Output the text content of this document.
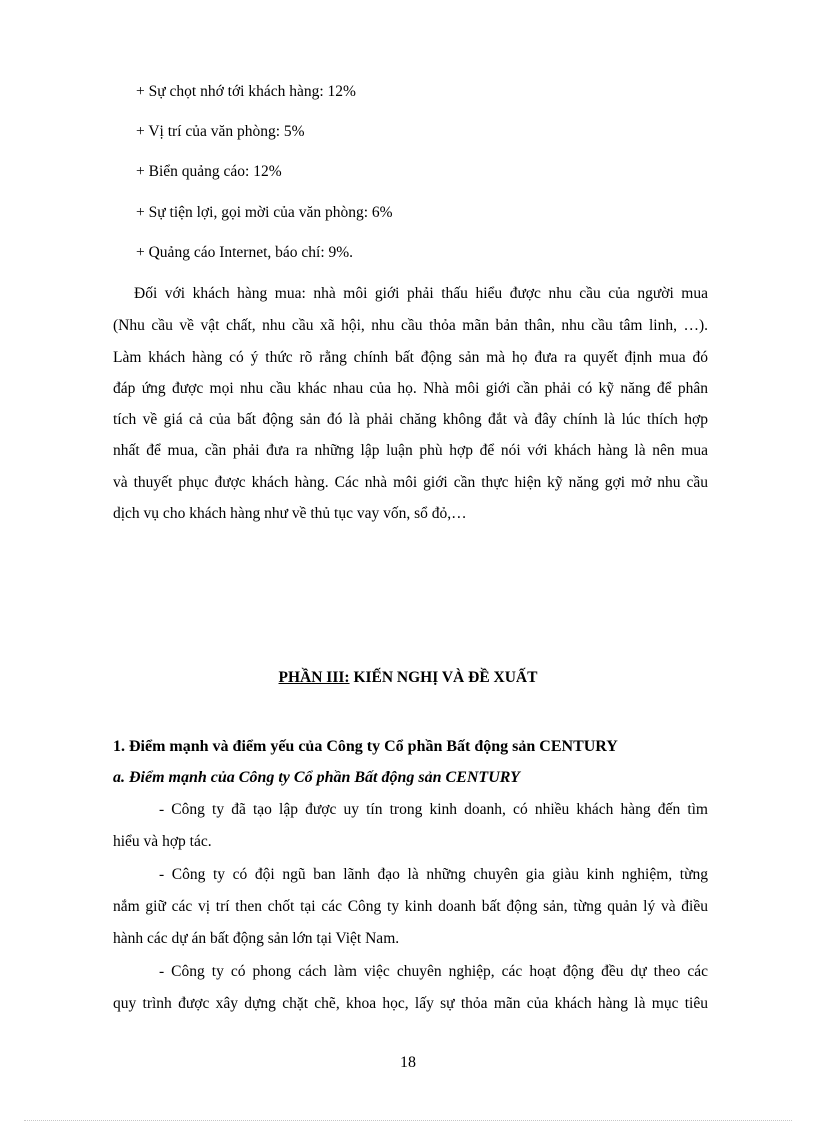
+ Sự chọt nhớ tới khách hàng: 12%

+ Vị trí của văn phòng: 5%

+ Biển quảng cáo: 12%

+ Sự tiện lợi, gọi mời của văn phòng: 6%

+ Quảng cáo Internet, báo chí: 9%.

Đối với khách hàng mua: nhà môi giới phải thấu hiểu được nhu cầu của người mua

(Nhu cầu về vật chất, nhu cầu xã hội, nhu cầu thỏa mãn bản thân, nhu cầu tâm linh, …).

Làm khách hàng có ý thức rõ rằng chính bất động sản mà họ đưa ra quyết định mua đó

đáp ứng được mọi nhu cầu khác nhau của họ. Nhà môi giới cần phải có kỹ năng để phân

tích về giá cả của bất động sản đó là phải chăng không đắt và đây chính là lúc thích hợp

nhất để mua, cần phải đưa ra những lập luận phù hợp để nói với khách hàng là nên mua

và thuyết phục được khách hàng. Các nhà môi giới cần thực hiện kỹ năng gợi mở nhu cầu

dịch vụ cho khách hàng như về thủ tục vay vốn, sổ đỏ,…

PHẦN III: KIẾN NGHỊ VÀ ĐỀ XUẤT

1. Điểm mạnh và điểm yếu của Công ty Cổ phần Bất động sản CENTURY

a. Điểm mạnh của Công ty Cổ phần Bất động sản CENTURY

- Công ty đã tạo lập được uy tín trong kinh doanh, có nhiều khách hàng đến tìm

hiểu và hợp tác.

- Công ty có đội ngũ ban lãnh đạo là những chuyên gia giàu kinh nghiệm, từng

nắm giữ các vị trí then chốt tại các Công ty kinh doanh bất động sản, từng quản lý và điều

hành các dự án bất động sản lớn tại Việt Nam.

- Công ty có phong cách làm việc chuyên nghiệp, các hoạt động đều dự theo các

quy trình được xây dựng chặt chẽ, khoa học, lấy sự thỏa mãn của khách hàng là mục tiêu

18
